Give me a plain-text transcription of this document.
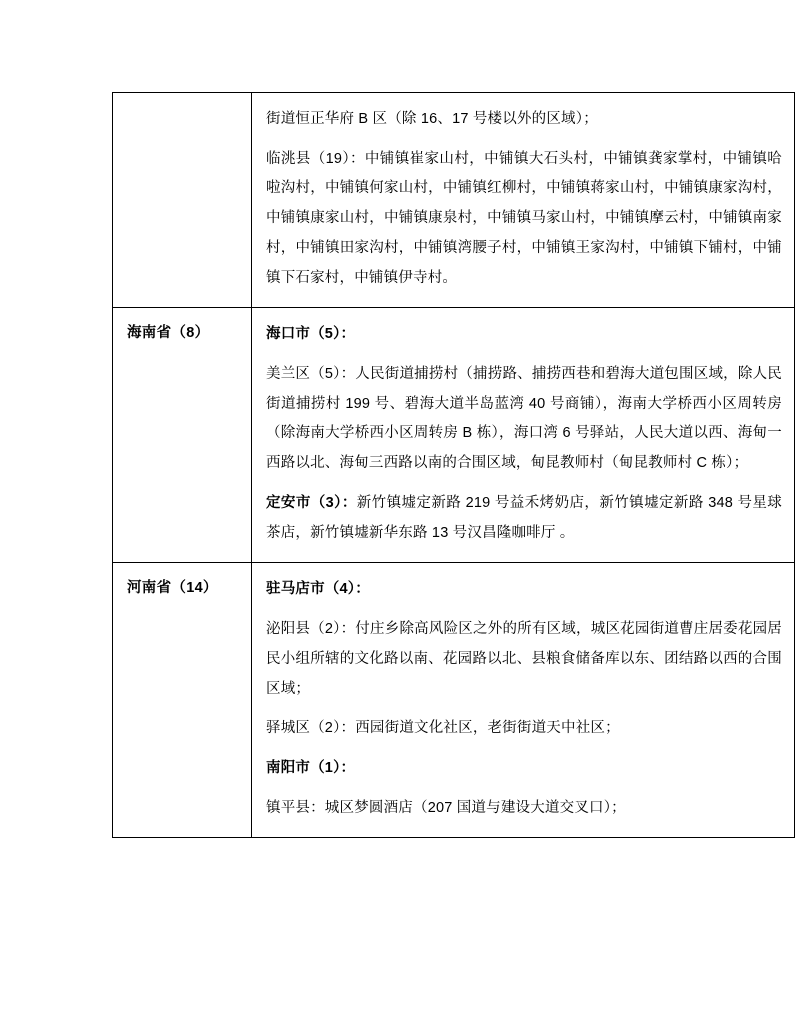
	街道恒正华府 B 区（除 16、17 号楼以外的区域）；

临洮县（19）：中铺镇崔家山村，中铺镇大石头村，中铺镇龚家掌村，中铺镇哈啦沟村，中铺镇何家山村，中铺镇红柳村，中铺镇蒋家山村，中铺镇康家沟村，中铺镇康家山村，中铺镇康泉村，中铺镇马家山村，中铺镇摩云村，中铺镇南家村，中铺镇田家沟村，中铺镇湾腰子村，中铺镇王家沟村，中铺镇下铺村，中铺镇下石家村，中铺镇伊寺村。

海南省（8）	海口市（5）：

美兰区（5）：人民街道捕捞村（捕捞路、捕捞西巷和碧海大道包围区域，除人民街道捕捞村 199 号、碧海大道半岛蓝湾 40 号商铺），海南大学桥西小区周转房（除海南大学桥西小区周转房 B 栋），海口湾 6 号驿站，人民大道以西、海甸一西路以北、海甸三西路以南的合围区域，甸昆教师村（甸昆教师村 C 栋）；

定安市（3）：新竹镇墟定新路 219 号益禾烤奶店，新竹镇墟定新路 348 号星球茶店，新竹镇墟新华东路 13 号汉昌隆咖啡厅 。

河南省（14）	驻马店市（4）：

泌阳县（2）：付庄乡除高风险区之外的所有区域，城区花园街道曹庄居委花园居民小组所辖的文化路以南、花园路以北、县粮食储备库以东、团结路以西的合围区域；

驿城区（2）：西园街道文化社区，老街街道天中社区；

南阳市（1）：

镇平县：城区梦圆酒店（207 国道与建设大道交叉口）；
